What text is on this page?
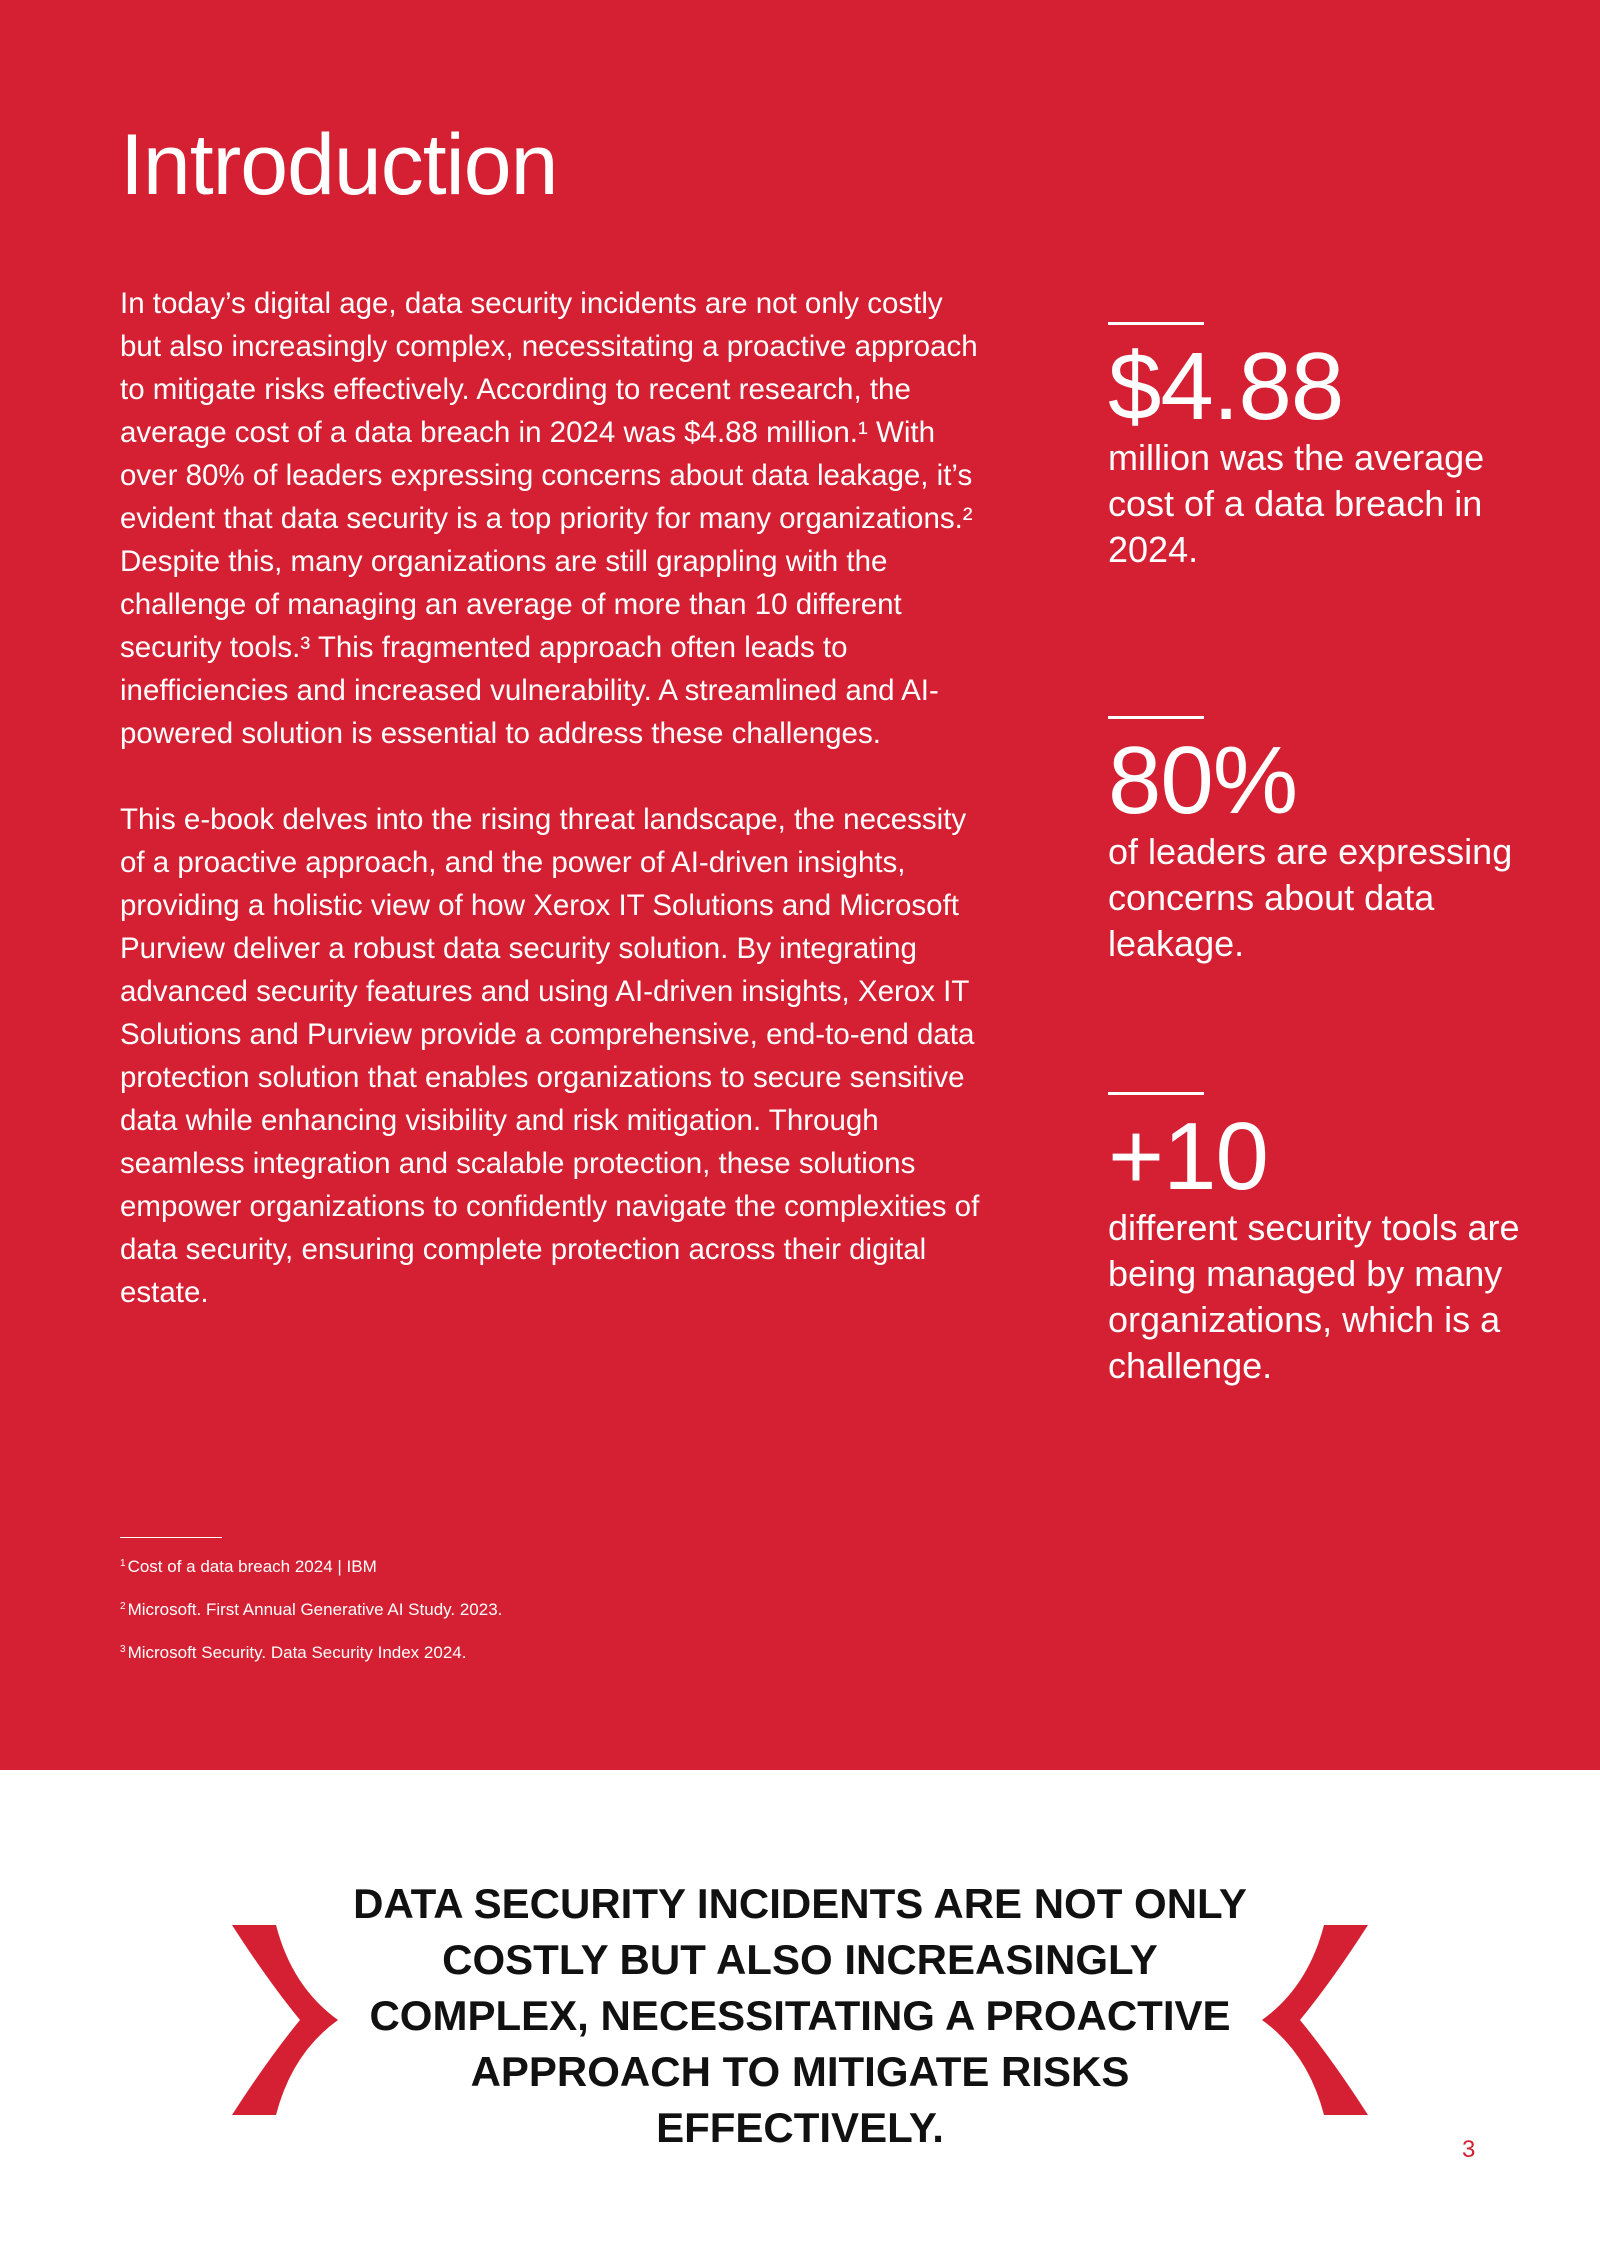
Introduction

In today’s digital age, data security incidents are not only costly but also increasingly complex, necessitating a proactive approach to mitigate risks effectively. According to recent research, the average cost of a data breach in 2024 was $4.88 million.¹ With over 80% of leaders expressing concerns about data leakage, it’s evident that data security is a top priority for many organizations.² Despite this, many organizations are still grappling with the challenge of managing an average of more than 10 different security tools.³ This fragmented approach often leads to inefficiencies and increased vulnerability. A streamlined and AI-powered solution is essential to address these challenges.

This e-book delves into the rising threat landscape, the necessity of a proactive approach, and the power of AI-driven insights, providing a holistic view of how Xerox IT Solutions and Microsoft Purview deliver a robust data security solution. By integrating advanced security features and using AI-driven insights, Xerox IT Solutions and Purview provide a comprehensive, end-to-end data protection solution that enables organizations to secure sensitive data while enhancing visibility and risk mitigation. Through seamless integration and scalable protection, these solutions empower organizations to confidently navigate the complexities of data security, ensuring complete protection across their digital estate.

$4.88
million was the average cost of a data breach in 2024.
80%
of leaders are expressing concerns about data leakage.
+10
different security tools are being managed by many organizations, which is a challenge.
$^1$ Cost of a data breach 2024 | IBM
$^2$ Microsoft. First Annual Generative AI Study. 2023.
$^3$ Microsoft Security. Data Security Index 2024.

DATA SECURITY INCIDENTS ARE NOT ONLY COSTLY BUT ALSO INCREASINGLY COMPLEX, NECESSITATING A PROACTIVE APPROACH TO MITIGATE RISKS EFFECTIVELY.	3
